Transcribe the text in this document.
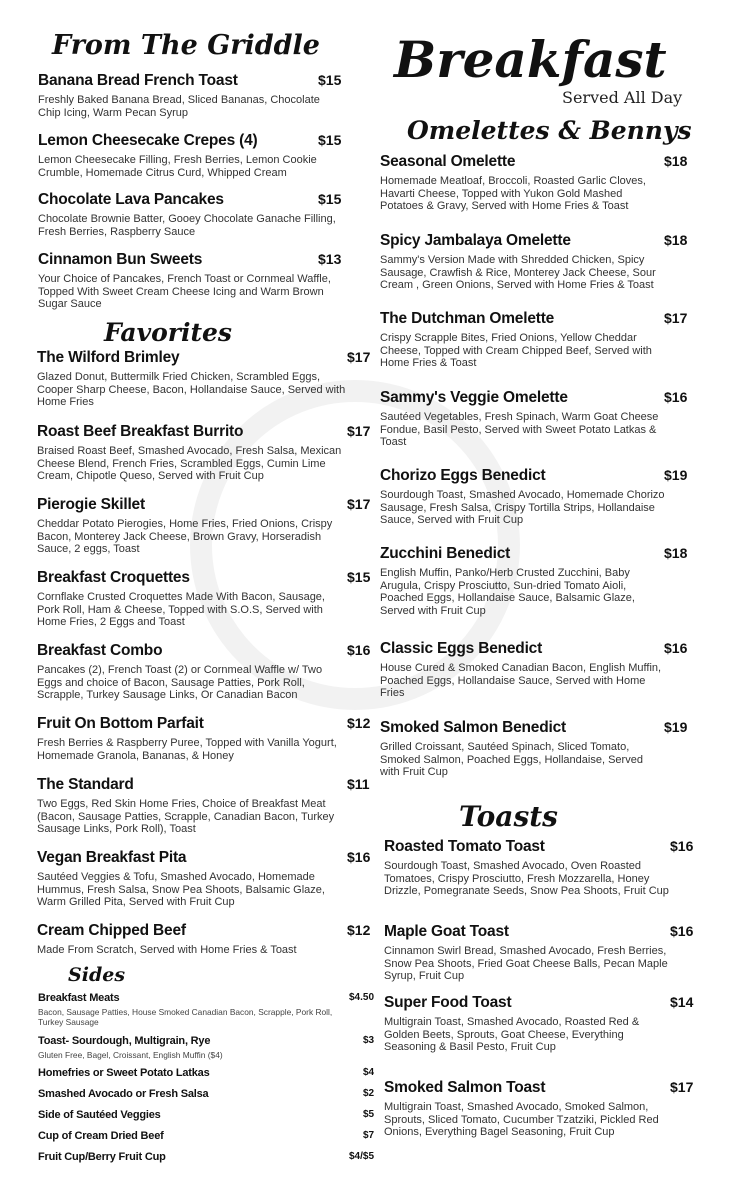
From The Griddle
Banana Bread French Toast	$15
Freshly Baked Banana Bread, Sliced Bananas, Chocolate Chip Icing, Warm Pecan Syrup
Lemon Cheesecake Crepes (4)	$15
Lemon Cheesecake Filling, Fresh Berries, Lemon Cookie Crumble, Homemade Citrus Curd, Whipped Cream
Chocolate Lava Pancakes	$15
Chocolate Brownie Batter, Gooey Chocolate Ganache Filling, Fresh Berries, Raspberry Sauce
Cinnamon Bun Sweets	$13
Your Choice of Pancakes, French Toast or Cornmeal Waffle, Topped With Sweet Cream Cheese Icing and Warm Brown Sugar Sauce
Favorites
The Wilford Brimley	$17
Glazed Donut, Buttermilk Fried Chicken, Scrambled Eggs, Cooper Sharp Cheese, Bacon, Hollandaise Sauce, Served with Home Fries
Roast Beef Breakfast Burrito	$17
Braised Roast Beef, Smashed Avocado, Fresh Salsa, Mexican Cheese Blend, French Fries, Scrambled Eggs, Cumin Lime Cream, Chipotle Queso, Served with Fruit Cup
Pierogie Skillet	$17
Cheddar Potato Pierogies, Home Fries, Fried Onions, Crispy Bacon, Monterey Jack Cheese, Brown Gravy, Horseradish Sauce, 2 eggs, Toast
Breakfast Croquettes	$15
Cornflake Crusted Croquettes Made With Bacon, Sausage, Pork Roll, Ham & Cheese, Topped with S.O.S, Served with Home Fries, 2 Eggs and Toast
Breakfast Combo	$16
Pancakes (2), French Toast (2) or Cornmeal Waffle w/ Two Eggs and choice of Bacon, Sausage Patties, Pork Roll, Scrapple, Turkey Sausage Links, Or Canadian Bacon
Fruit On Bottom Parfait	$12
Fresh Berries & Raspberry Puree, Topped with Vanilla Yogurt, Homemade Granola, Bananas, & Honey
The Standard	$11
Two Eggs, Red Skin Home Fries, Choice of Breakfast Meat (Bacon, Sausage Patties, Scrapple, Canadian Bacon, Turkey Sausage Links, Pork Roll), Toast
Vegan Breakfast Pita	$16
Sautéed Veggies & Tofu, Smashed Avocado, Homemade Hummus, Fresh Salsa, Snow Pea Shoots, Balsamic Glaze, Warm Grilled Pita, Served with Fruit Cup
Cream Chipped Beef	$12
Made From Scratch, Served with Home Fries & Toast
Sides
Breakfast Meats	$4.50
Bacon, Sausage Patties, House Smoked Canadian Bacon, Scrapple, Pork Roll, Turkey Sausage
Toast- Sourdough, Multigrain, Rye	$3
Gluten Free, Bagel, Croissant, English Muffin ($4)
Homefries or Sweet Potato Latkas	$4
Smashed Avocado or Fresh Salsa	$2
Side of Sautéed Veggies	$5
Cup of Cream Dried Beef	$7
Fruit Cup/Berry Fruit Cup	$4/$5
Breakfast
Served All Day
Omelettes & Bennys
Seasonal Omelette	$18
Homemade Meatloaf, Broccoli, Roasted Garlic Cloves, Havarti Cheese, Topped with Yukon Gold Mashed Potatoes & Gravy, Served with Home Fries & Toast
Spicy Jambalaya Omelette	$18
Sammy's Version Made with Shredded Chicken, Spicy Sausage, Crawfish & Rice, Monterey Jack Cheese, Sour Cream , Green Onions, Served with Home Fries & Toast
The Dutchman Omelette	$17
Crispy Scrapple Bites, Fried Onions, Yellow Cheddar Cheese, Topped with Cream Chipped Beef, Served with Home Fries & Toast
Sammy's Veggie Omelette	$16
Sautéed Vegetables, Fresh Spinach, Warm Goat Cheese Fondue, Basil Pesto, Served with Sweet Potato Latkas & Toast
Chorizo Eggs Benedict	$19
Sourdough Toast, Smashed Avocado, Homemade Chorizo Sausage, Fresh Salsa, Crispy Tortilla Strips, Hollandaise Sauce, Served with Fruit Cup
Zucchini Benedict	$18
English Muffin, Panko/Herb Crusted Zucchini, Baby Arugula, Crispy Prosciutto, Sun-dried Tomato Aioli, Poached Eggs, Hollandaise Sauce, Balsamic Glaze, Served with Fruit Cup
Classic Eggs Benedict	$16
House Cured & Smoked Canadian Bacon, English Muffin, Poached Eggs, Hollandaise Sauce, Served with Home Fries
Smoked Salmon Benedict	$19
Grilled Croissant, Sautéed Spinach, Sliced Tomato, Smoked Salmon, Poached Eggs, Hollandaise, Served with Fruit Cup
Toasts
Roasted Tomato Toast	$16
Sourdough Toast, Smashed Avocado, Oven Roasted Tomatoes, Crispy Prosciutto, Fresh Mozzarella, Honey Drizzle, Pomegranate Seeds, Snow Pea Shoots, Fruit Cup
Maple Goat Toast	$16
Cinnamon Swirl Bread, Smashed Avocado, Fresh Berries, Snow Pea Shoots, Fried Goat Cheese Balls, Pecan Maple Syrup, Fruit Cup
Super Food Toast	$14
Multigrain Toast, Smashed Avocado, Roasted Red & Golden Beets, Sprouts, Goat Cheese, Everything Seasoning & Basil Pesto, Fruit Cup
Smoked Salmon Toast	$17
Multigrain Toast, Smashed Avocado, Smoked Salmon, Sprouts, Sliced Tomato, Cucumber Tzatziki, Pickled Red Onions, Everything Bagel Seasoning, Fruit Cup
